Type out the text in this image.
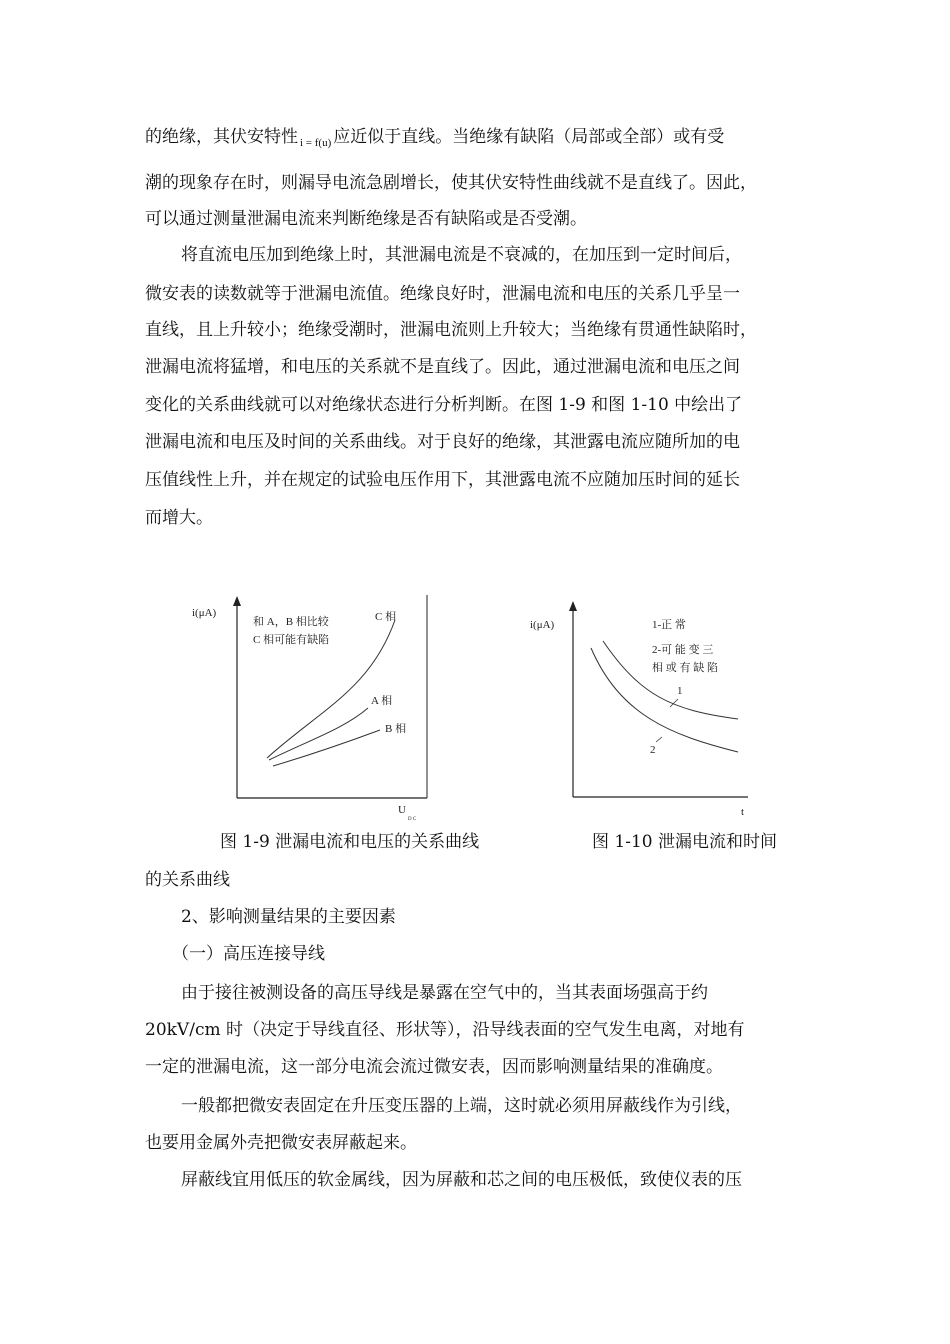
的绝缘，其伏安特性 $_{i = f(u)}$ 应近似于直线。当绝缘有缺陷（局部或全部）或有受
潮的现象存在时，则漏导电流急剧增长，使其伏安特性曲线就不是直线了。因此，
可以通过测量泄漏电流来判断绝缘是否有缺陷或是否受潮。
将直流电压加到绝缘上时，其泄漏电流是不衰减的，在加压到一定时间后，
微安表的读数就等于泄漏电流值。绝缘良好时，泄漏电流和电压的关系几乎呈一
直线，且上升较小；绝缘受潮时，泄漏电流则上升较大；当绝缘有贯通性缺陷时，
泄漏电流将猛增，和电压的关系就不是直线了。因此，通过泄漏电流和电压之间
变化的关系曲线就可以对绝缘状态进行分析判断。在图 1-9 和图 1-10 中绘出了
泄漏电流和电压及时间的关系曲线。对于良好的绝缘，其泄露电流应随所加的电
压值线性上升，并在规定的试验电压作用下，其泄露电流不应随加压时间的延长
而增大。
i(μA)
和 A，B 相比较
C 相可能有缺陷
C 相
A 相
B 相
U
D C
i(μA)	1-正 常
2-可 能 变 三
相 或 有 缺 陷
1
2
t
图 1-9 泄漏电流和电压的关系曲线	图 1-10 泄漏电流和时间
的关系曲线
2、影响测量结果的主要因素
（一）高压连接导线
由于接往被测设备的高压导线是暴露在空气中的，当其表面场强高于约
20kV/cm 时（决定于导线直径、形状等），沿导线表面的空气发生电离，对地有
一定的泄漏电流，这一部分电流会流过微安表，因而影响测量结果的准确度。
一般都把微安表固定在升压变压器的上端，这时就必须用屏蔽线作为引线，
也要用金属外壳把微安表屏蔽起来。
屏蔽线宜用低压的软金属线，因为屏蔽和芯之间的电压极低，致使仪表的压
